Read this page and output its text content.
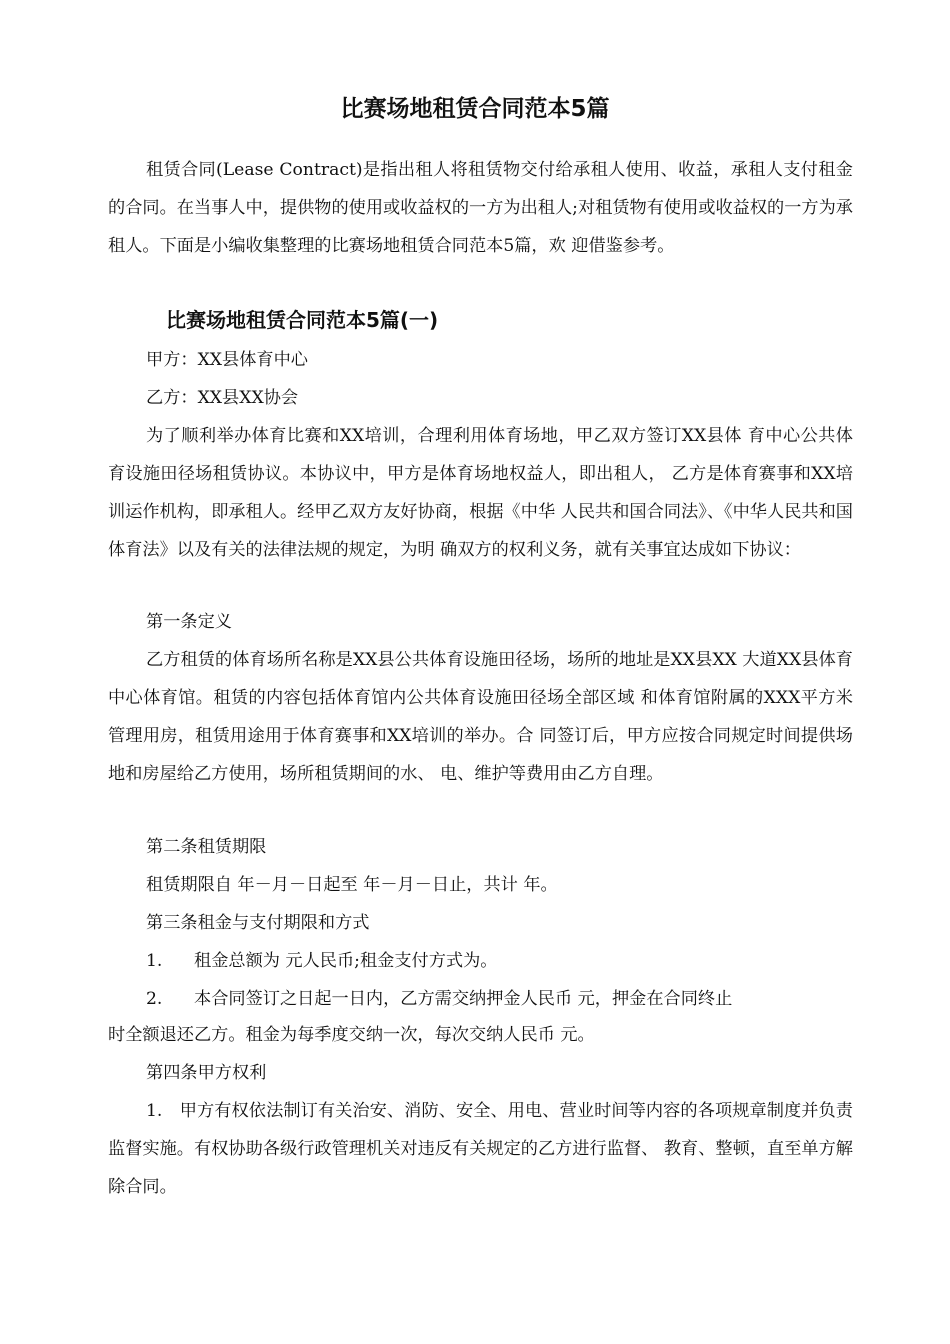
比赛场地租赁合同范本5篇

租赁合同(Lease Contract)是指出租人将租赁物交付给承租人使用、收益，承租人支付租金的合同。在当事人中，提供物的使用或收益权的一方为出租人;对租赁物有使用或收益权的一方为承租人。下面是小编收集整理的比赛场地租赁合同范本5篇，欢 迎借鉴参考。

比赛场地租赁合同范本5篇(一)

甲方：XX县体育中心

乙方：XX县XX协会

为了顺利举办体育比赛和XX培训，合理利用体育场地，甲乙双方签订XX县体 育中心公共体育设施田径场租赁协议。本协议中，甲方是体育场地权益人，即出租人， 乙方是体育赛事和XX培训运作机构，即承租人。经甲乙双方友好协商，根据《中华 人民共和国合同法》、《中华人民共和国体育法》以及有关的法律法规的规定，为明 确双方的权利义务，就有关事宜达成如下协议：

第一条定义

乙方租赁的体育场所名称是XX县公共体育设施田径场，场所的地址是XX县XX 大道XX县体育中心体育馆。租赁的内容包括体育馆内公共体育设施田径场全部区域 和体育馆附属的XXX平方米管理用房，租赁用途用于体育赛事和XX培训的举办。合 同签订后，甲方应按合同规定时间提供场地和房屋给乙方使用，场所租赁期间的水、 电、维护等费用由乙方自理。

第二条租赁期限

租赁期限自 年－月－日起至 年－月－日止，共计 年。

第三条租金与支付期限和方式

1. 租金总额为 元人民币;租金支付方式为。

2. 本合同签订之日起一日内，乙方需交纳押金人民币 元，押金在合同终止

时全额退还乙方。租金为每季度交纳一次，每次交纳人民币 元。

第四条甲方权利

1.　甲方有权依法制订有关治安、消防、安全、用电、营业时间等内容的各项规章制度并负责监督实施。有权协助各级行政管理机关对违反有关规定的乙方进行监督、 教育、整顿，直至单方解除合同。
